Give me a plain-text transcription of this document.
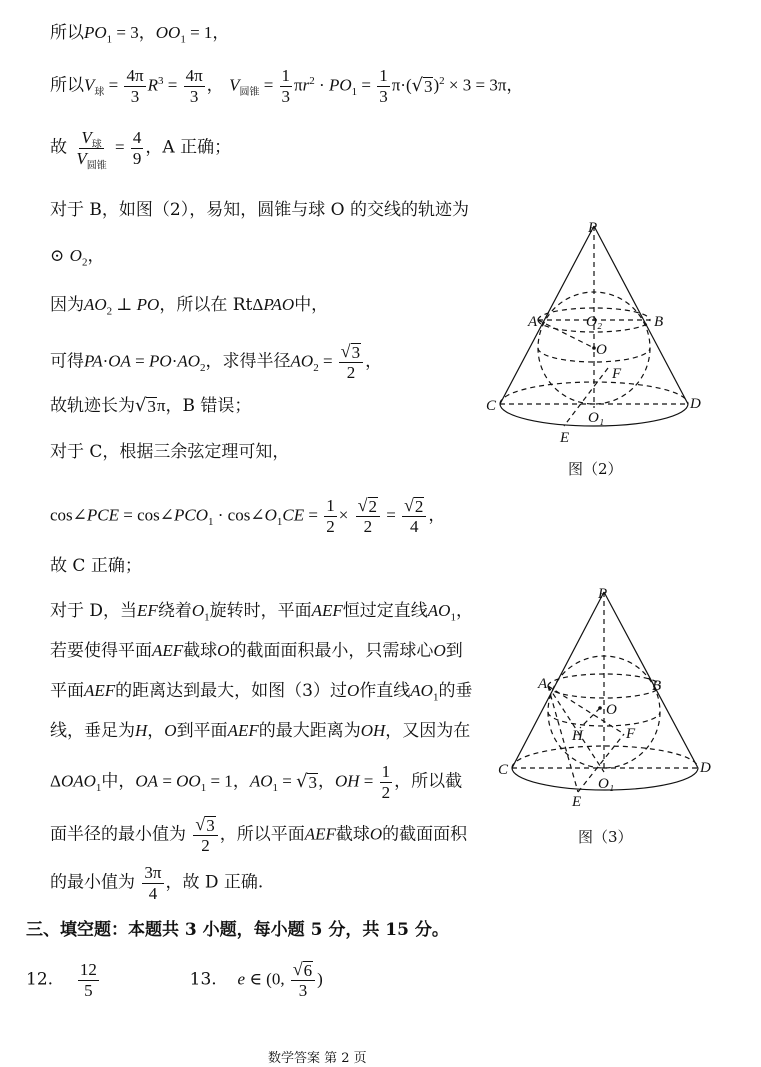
所以$PO_1 = 3$，$OO_1 = 1$，
所以$V_球 = \frac{4\pi}{3} R^3 = \frac{4\pi}{3}$ ， $V_{圆锥} = \frac{1}{3} \pi r^2 \cdot PO_1 = \frac{1}{3} \pi\cdot$( √ 3 )$^2$ × 3 = 3π，
故 $\frac{V_球}{V_{圆锥}} = \frac{4}{9}$ ，A 正确；
对于 B，如图（2），易知，圆锥与球 O 的交线的轨迹为
⊙ $O_2$，
因为$AO_2$ ⊥ PO，所以在 RtΔPAO中，
可得$PA\cdot OA = PO\cdot AO_2$，求得半径$AO_2 = \frac{√ 3}{2}$ ，
故轨迹长为 √ 3 π，B 错误；
对于 C，根据三余弦定理可知，
cos∠PCE = $\cos\angle PCO_1$ · $\cos\angle O_1CE = \frac{1}{2} \times \frac{√ 2}{2} = \frac{√ 2}{4}$ ，
故 C 正确；
对于 D，当EF绕着$O_1$旋转时，平面AEF恒过定直线$AO_1$，
若要使得平面AEF截球O的截面面积最小，只需球心O到
平面AEF的距离达到最大，如图（3）过O作直线$AO_1$的垂
线，垂足为H，O到平面AEF的最大距离为OH，又因为在
$\Delta OAO_1$中，OA = $OO_1 = 1$，$AO_1$ = √ 3 ，OH = $\frac{1}{2}$ ，所以截
面半径的最小值为 $\frac{√ 3}{2}$ ，所以平面AEF截球O的截面面积
的最小值为 $\frac{3\pi}{4}$ ，故 D 正确.
三、填空题：本题共 3 小题，每小题 5 分，共 15 分。
12. $\frac{12}{5}$	13. e ∈ (0, $\frac{√ 6}{3}$ )
P
A	B
O₂
O
F
C	D
O₁
E
图（2）
P
A	B
O
H	F
C	D
O₁
E
图（3）
数学答案 第 2 页
